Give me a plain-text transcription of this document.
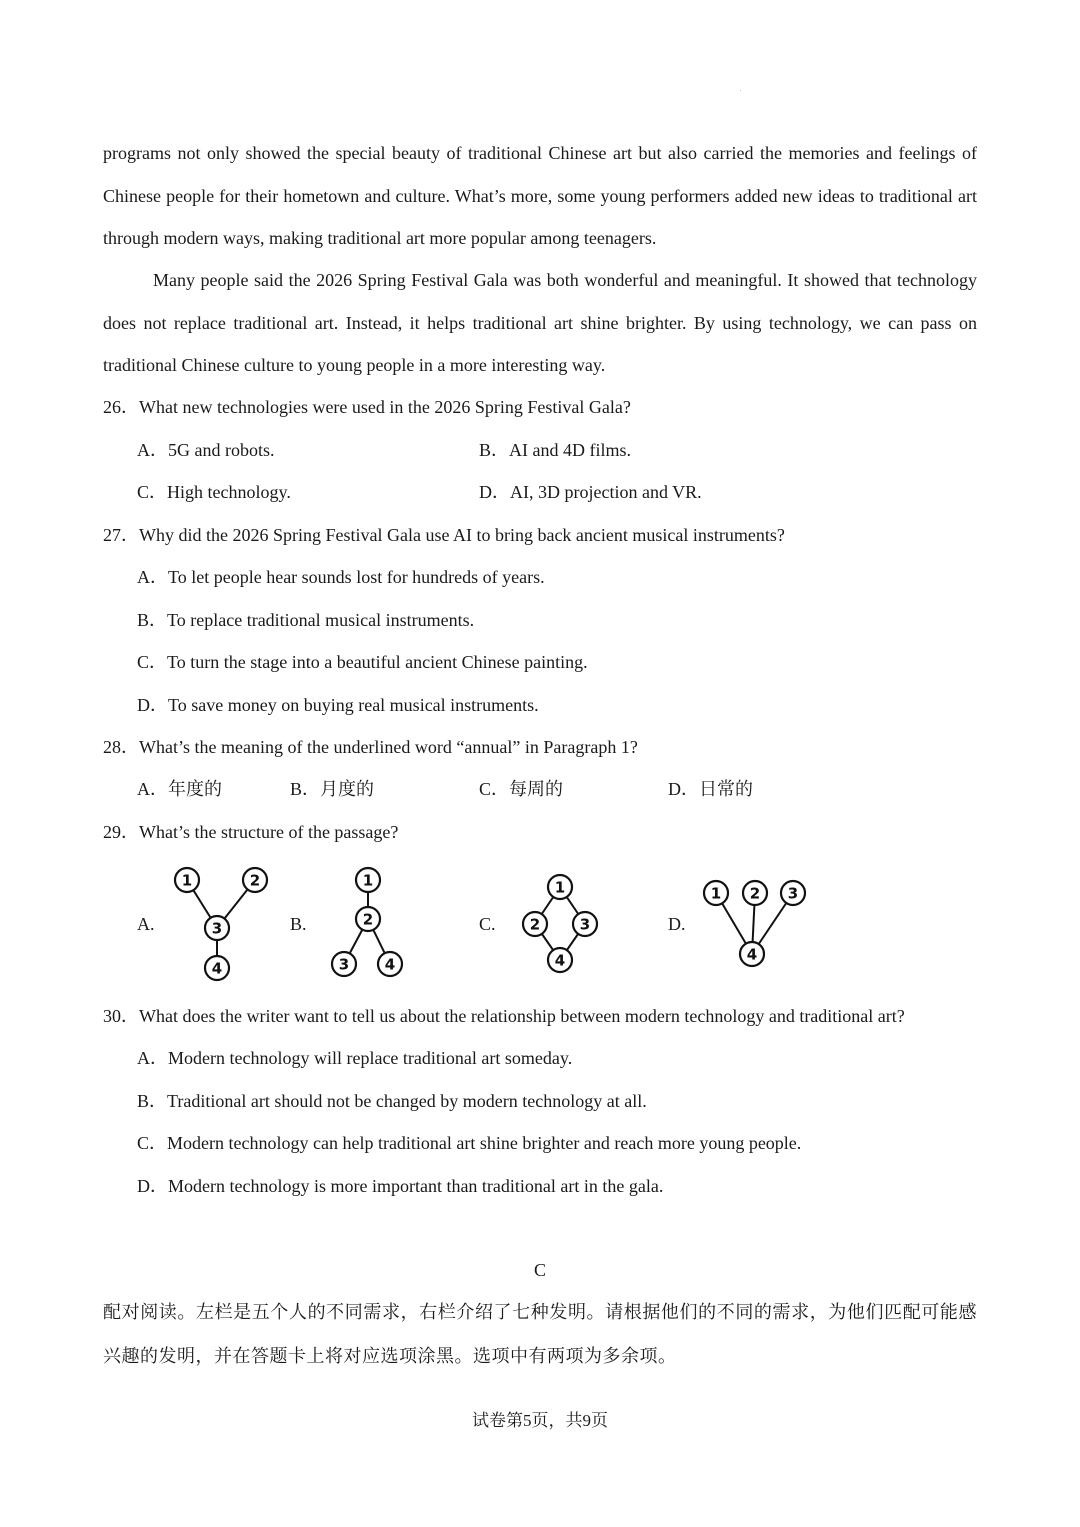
programs not only showed the special beauty of traditional Chinese art but also carried the memories and feelings of Chinese people for their hometown and culture. What’s more, some young performers added new ideas to traditional art through modern ways, making traditional art more popular among teenagers.

Many people said the 2026 Spring Festival Gala was both wonderful and meaningful. It showed that technology does not replace traditional art. Instead, it helps traditional art shine brighter. By using technology, we can pass on traditional Chinese culture to young people in a more interesting way.

26．What new technologies were used in the 2026 Spring Festival Gala?

A．5G and robots.	B．AI and 4D films.
C．High technology.	D．AI, 3D projection and VR.

27．Why did the 2026 Spring Festival Gala use AI to bring back ancient musical instruments?

A．To let people hear sounds lost for hundreds of years.
B．To replace traditional musical instruments.
C．To turn the stage into a beautiful ancient Chinese painting.
D．To save money on buying real musical instruments.

28．What’s the meaning of the underlined word “annual” in Paragraph 1?

A．年度的	B．月度的	C．每周的	D．日常的

29．What’s the structure of the passage?

A.
1	2
3
4
B.
1
2
3 4
C.
1
2	3
4
D.
1 2 3
4

30．What does the writer want to tell us about the relationship between modern technology and traditional art?

A．Modern technology will replace traditional art someday.
B．Traditional art should not be changed by modern technology at all.
C．Modern technology can help traditional art shine brighter and reach more young people.
D．Modern technology is more important than traditional art in the gala.
C

配对阅读。左栏是五个人的不同需求，右栏介绍了七种发明。请根据他们的不同的需求，为他们匹配可能感兴趣的发明，并在答题卡上将对应选项涂黑。选项中有两项为多余项。

试卷第5页，共9页
